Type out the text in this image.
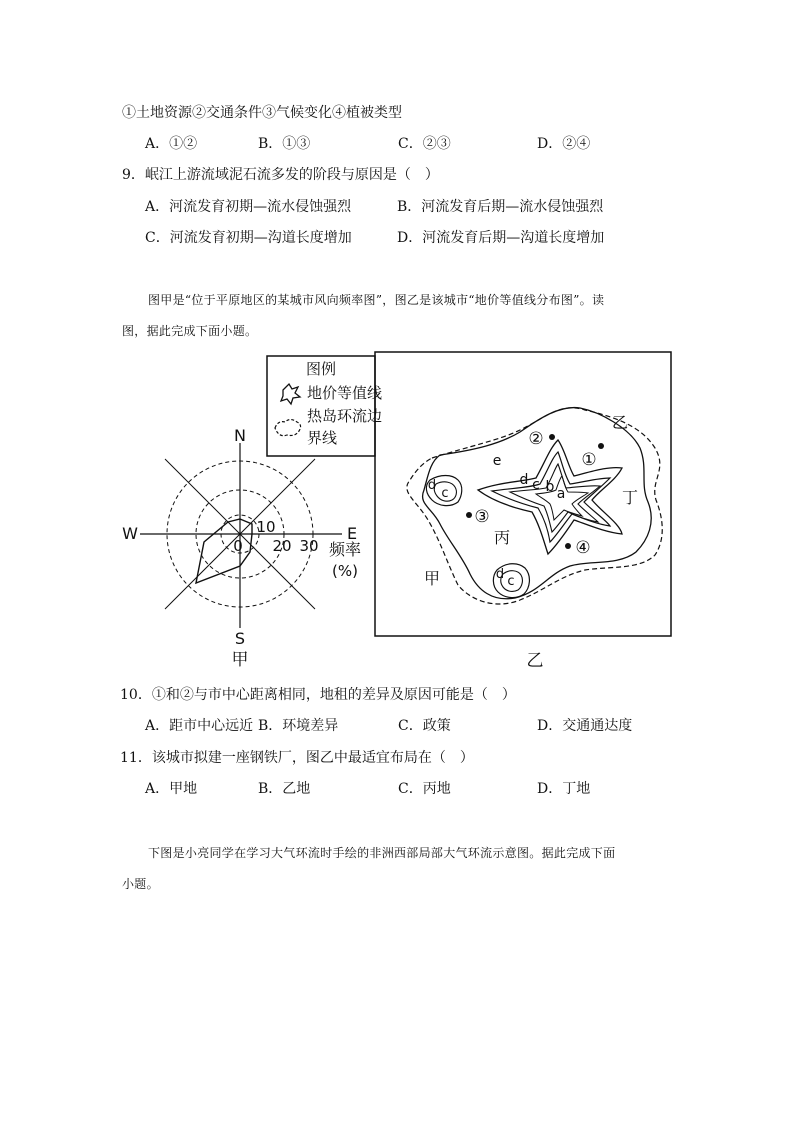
①土地资源②交通条件③气候变化④植被类型
A．①②	B．①③	C．②③	D．②④
9．岷江上游流域泥石流多发的阶段与原因是（　）
A．河流发育初期—流水侵蚀强烈	B．河流发育后期—流水侵蚀强烈
C．河流发育初期—沟道长度增加	D．河流发育后期—沟道长度增加
图甲是“位于平原地区的某城市风向频率图”，图乙是该城市“地价等值线分布图”。读
图，据此完成下面小题。
图例
地价等值线
热岛环流边
界线
N
S
E
W
0
10
20 30 频率
(%)
甲
乙
丁
丙
甲
①
②
③
④
a
b
c
d
e
d
c
d c
乙
10．①和②与市中心距离相同，地租的差异及原因可能是（　）
A．距市中心远近 B．环境差异	C．政策	D．交通通达度
11．该城市拟建一座钢铁厂，图乙中最适宜布局在（　）
A．甲地	B．乙地	C．丙地	D．丁地
下图是小亮同学在学习大气环流时手绘的非洲西部局部大气环流示意图。据此完成下面
小题。
